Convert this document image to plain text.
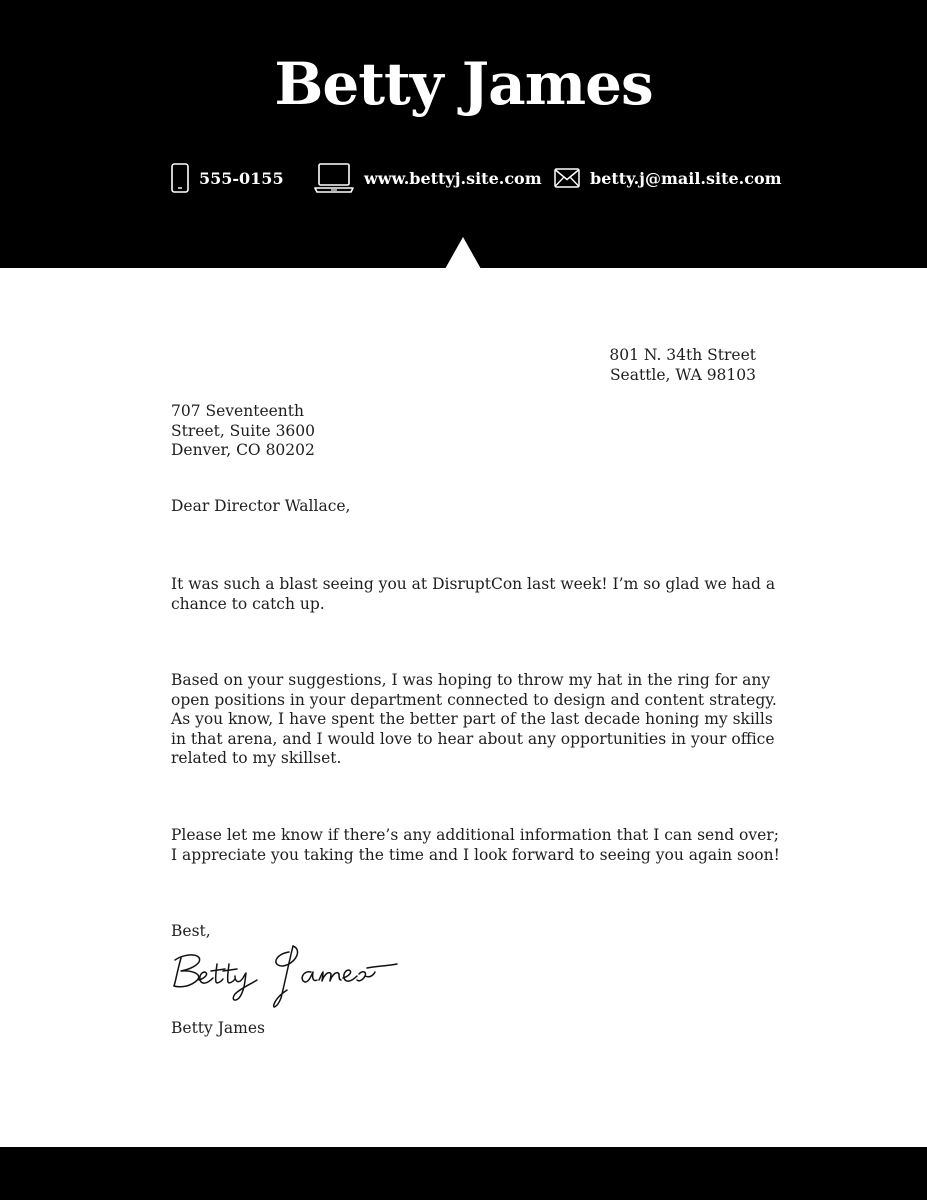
Betty James
555-0155	www.bettyj.site.com	betty.j@mail.site.com
801 N. 34th Street
Seattle, WA 98103
707 Seventeenth
Street, Suite 3600
Denver, CO 80202
Dear Director Wallace,
It was such a blast seeing you at DisruptCon last week! I’m so glad we had a
chance to catch up.
Based on your suggestions, I was hoping to throw my hat in the ring for any
open positions in your department connected to design and content strategy.
As you know, I have spent the better part of the last decade honing my skills
in that arena, and I would love to hear about any opportunities in your office
related to my skillset.
Please let me know if there’s any additional information that I can send over;
I appreciate you taking the time and I look forward to seeing you again soon!
Best,
Betty James
